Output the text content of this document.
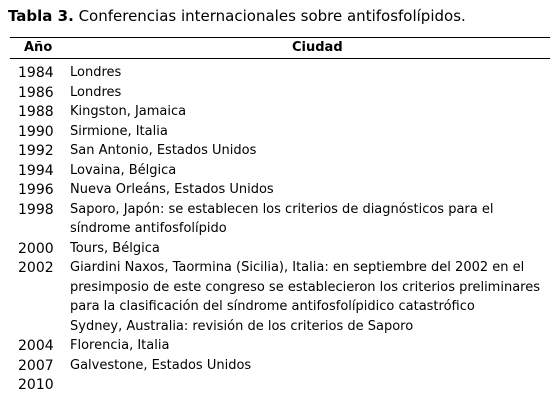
Tabla 3. Conferencias internacionales sobre antifosfolípidos.
Año	Ciudad
1984 Londres

1986 Londres

1988 Kingston, Jamaica

1990 Sirmione, Italia

1992 San Antonio, Estados Unidos

1994 Lovaina, Bélgica

1996 Nueva Orleáns, Estados Unidos

1998 Saporo, Japón: se establecen los criterios de diagnósticos para el síndrome antifosfolípido

2000 Tours, Bélgica

2002 Giardini Naxos, Taormina (Sicilia), Italia: en septiembre del 2002 en el presimposio de este congreso se establecieron los criterios preliminares para la clasificación del síndrome antifosfolípidico catastrófico

Sydney, Australia: revisión de los criterios de Saporo

2004 Florencia, Italia

2007 Galvestone, Estados Unidos

2010
